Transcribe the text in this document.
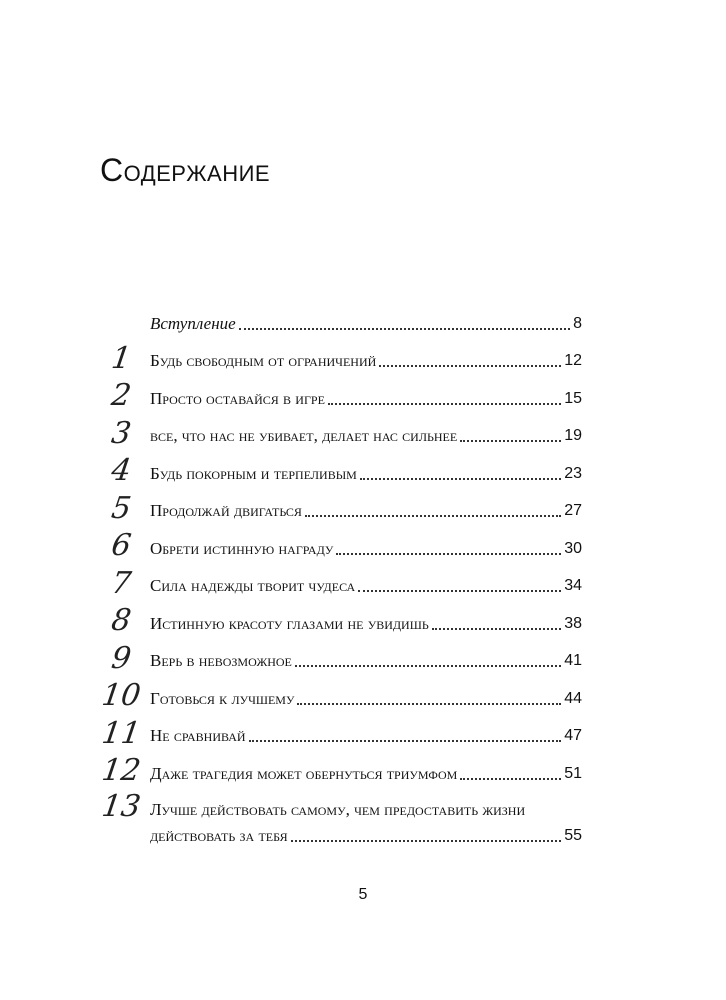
Содержание
Вступление	8
1 Будь свободным от ограничений	12
2 Просто оставайся в игре	15
3 все, что нас не убивает, делает нас сильнее	19
4 Будь покорным и терпеливым	23
5 Продолжай двигаться	27
6 Обрети истинную награду	30
7 Сила надежды творит чудеса	34
8 Истинную красоту глазами не увидишь	38
9 Верь в невозможное	41
10 Готовься к лучшему	44
11 Не сравнивай	47
12 Даже трагедия может обернуться триумфом	51
13 Лучше действовать самому, чем предоставить жизни
действовать за тебя	55
5
